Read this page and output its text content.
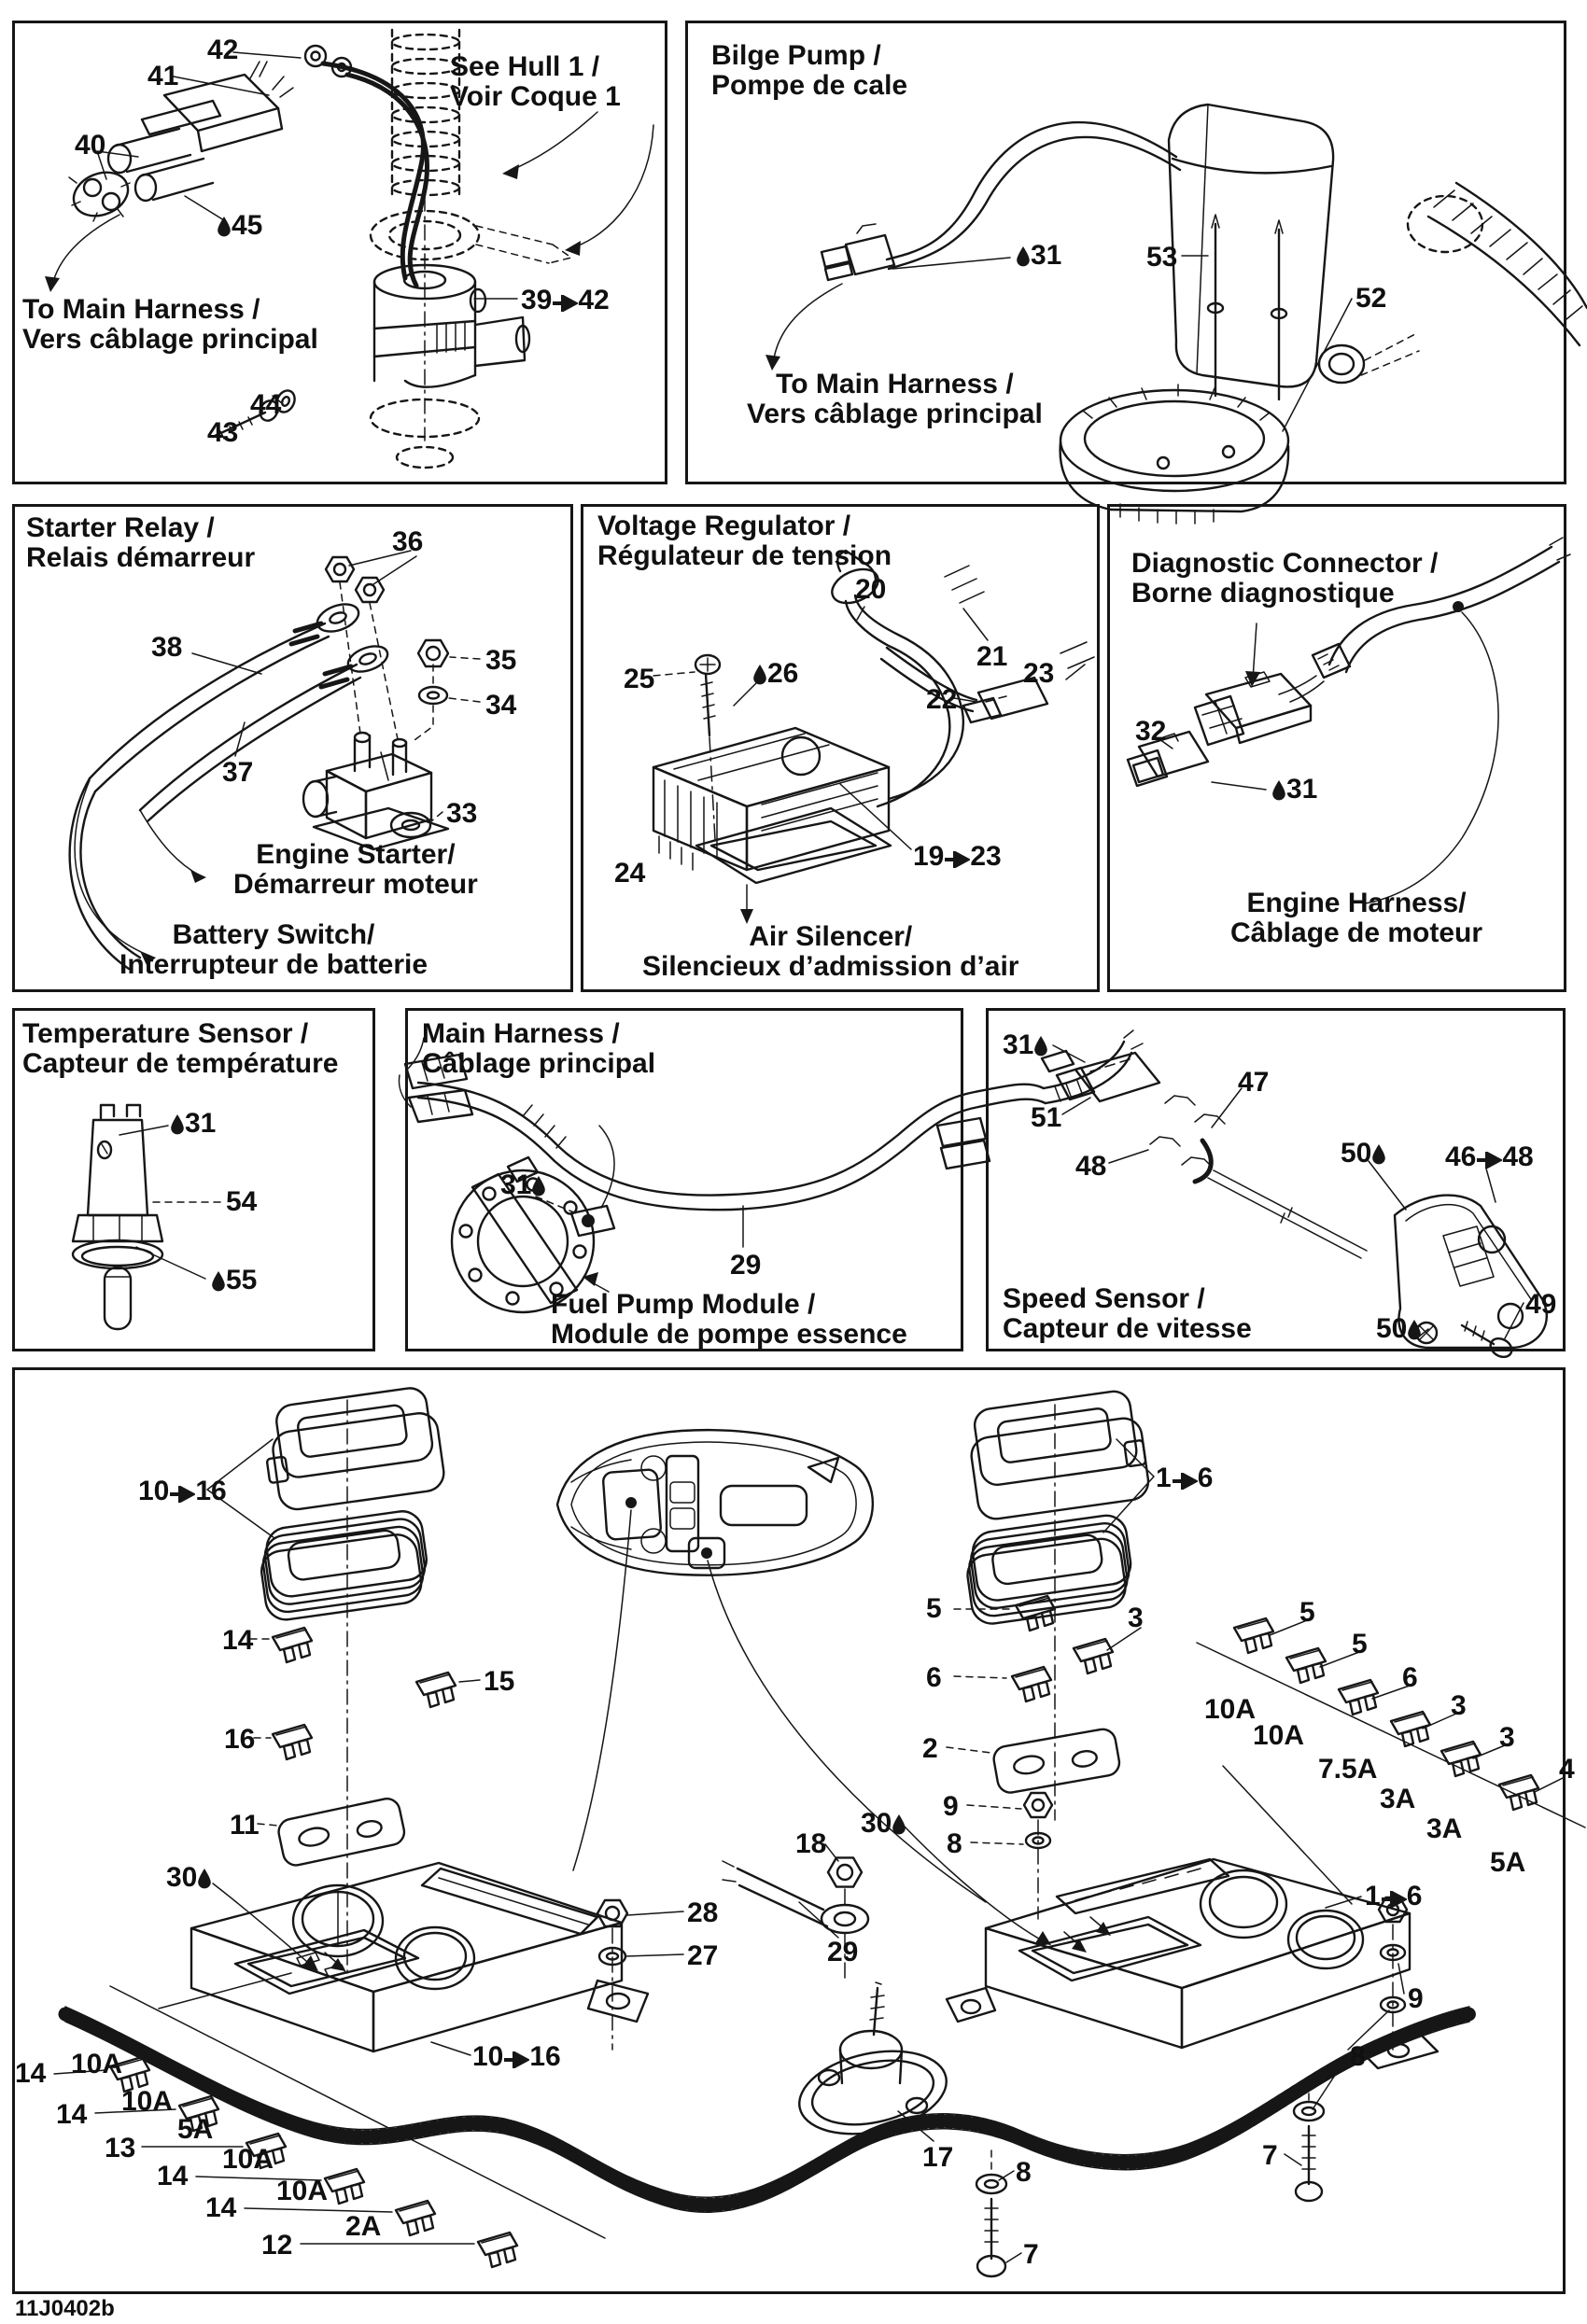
42
41
40
See Hull 1 /
Voir Coque 1
45
To Main Harness /
Vers câblage principal
39 42
44
43
Bilge Pump /
Pompe de cale
31	53
52
To Main Harness /
Vers câblage principal
Starter Relay /
Relais démarreur
36
38	35
34
37
33
Engine Starter/
Démarreur moteur
Battery Switch/
Interrupteur de batterie
Voltage Regulator /
Régulateur de tension
20
21
23
25	26
22
24
19 23
Air Silencer/
Silencieux d’admission d’air
Diagnostic Connector /
Borne diagnostique
32
31
Engine Harness/
Câblage de moteur
Temperature Sensor /
Capteur de température
31
54
55
Main Harness /
Câblage principal
31
29
Fuel Pump Module /
Module de pompe essence
31
51
48
47
50	46 48
49
50
Speed Sensor /
Capteur de vitesse
10 16
14
15
16
11
30
28
27
10 16
14 10A
14 10A
13
5A
14
10A
14
10A
12
2A
1 6
5	3
6
2
5
5
6
3
3
4
10A
10A
7.5A
3A
3A
5A
18
30
9
8
29
1 6
9
8
17 8
7
7
11J0402b
